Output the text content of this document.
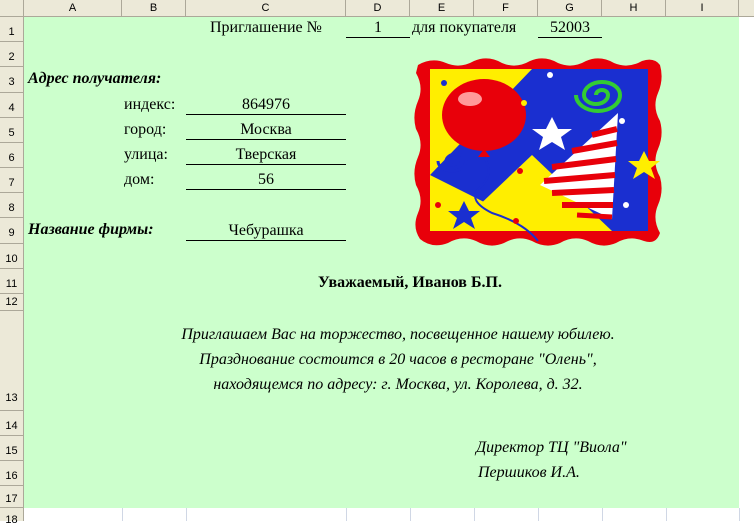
A	B	C	D	E	F	G	H	I
1
2
3
4
5
6
7
8
9
10
11
12
13
14
15
16
17
18
Приглашение №	1	для покупателя	52003
Адрес получателя:
индекс:	864976
город:	Москва
улица:	Тверская
дом:	56
Название фирмы:	Чебурашка
Уважаемый, Иванов Б.П.
Приглашаем Вас на торжество, посвещенное нашему юбилею.
Празднование состоится в 20 часов в ресторане "Олень",
находящемся по адресу: г. Москва, ул. Королева, д. 32.
Директор ТЦ "Виола"
Першиков И.А.
